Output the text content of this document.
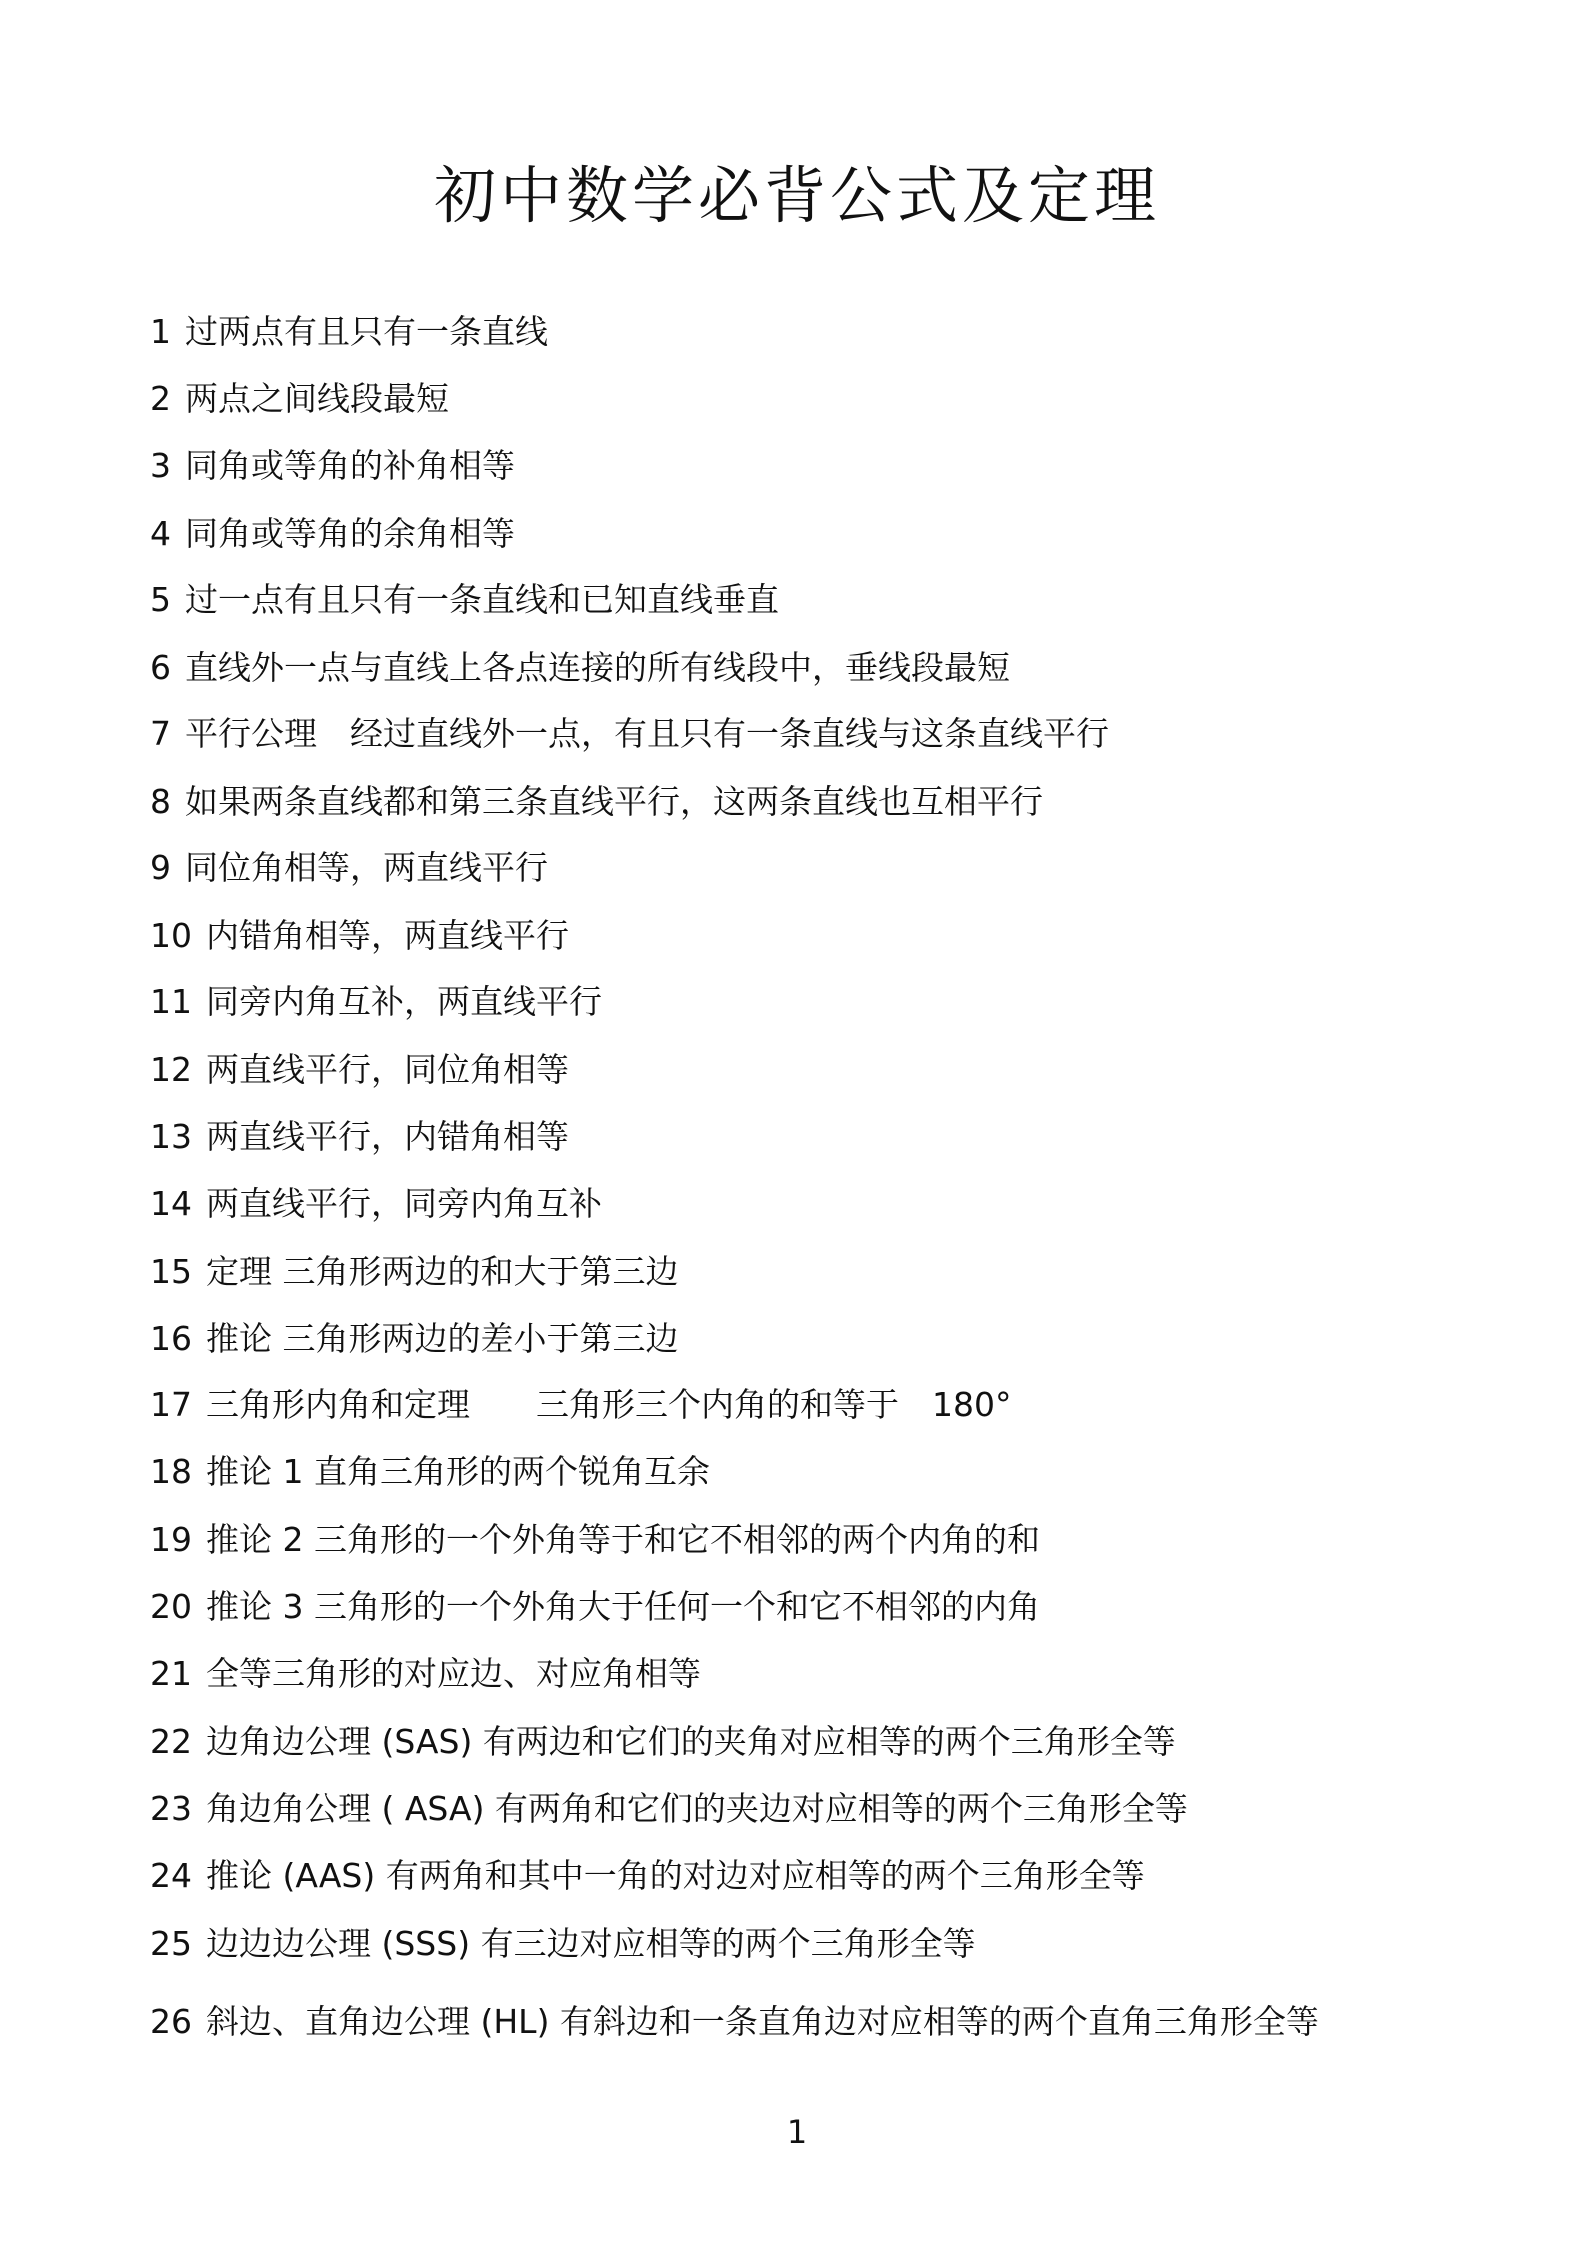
初中数学必背公式及定理
1 过两点有且只有一条直线
2 两点之间线段最短
3 同角或等角的补角相等
4 同角或等角的余角相等
5 过一点有且只有一条直线和已知直线垂直
6 直线外一点与直线上各点连接的所有线段中，垂线段最短
7 平行公理　经过直线外一点，有且只有一条直线与这条直线平行
8 如果两条直线都和第三条直线平行，这两条直线也互相平行
9 同位角相等，两直线平行
10 内错角相等，两直线平行
11 同旁内角互补，两直线平行
12 两直线平行，同位角相等
13 两直线平行，内错角相等
14 两直线平行，同旁内角互补
15 定理 三角形两边的和大于第三边
16 推论 三角形两边的差小于第三边
17 三角形内角和定理　　三角形三个内角的和等于　180°
18 推论 1 直角三角形的两个锐角互余
19 推论 2 三角形的一个外角等于和它不相邻的两个内角的和
20 推论 3 三角形的一个外角大于任何一个和它不相邻的内角
21 全等三角形的对应边、对应角相等
22 边角边公理 (SAS) 有两边和它们的夹角对应相等的两个三角形全等
23 角边角公理 ( ASA) 有两角和它们的夹边对应相等的两个三角形全等
24 推论 (AAS) 有两角和其中一角的对边对应相等的两个三角形全等
25 边边边公理 (SSS) 有三边对应相等的两个三角形全等
26 斜边、直角边公理 (HL) 有斜边和一条直角边对应相等的两个直角三角形全等
1
